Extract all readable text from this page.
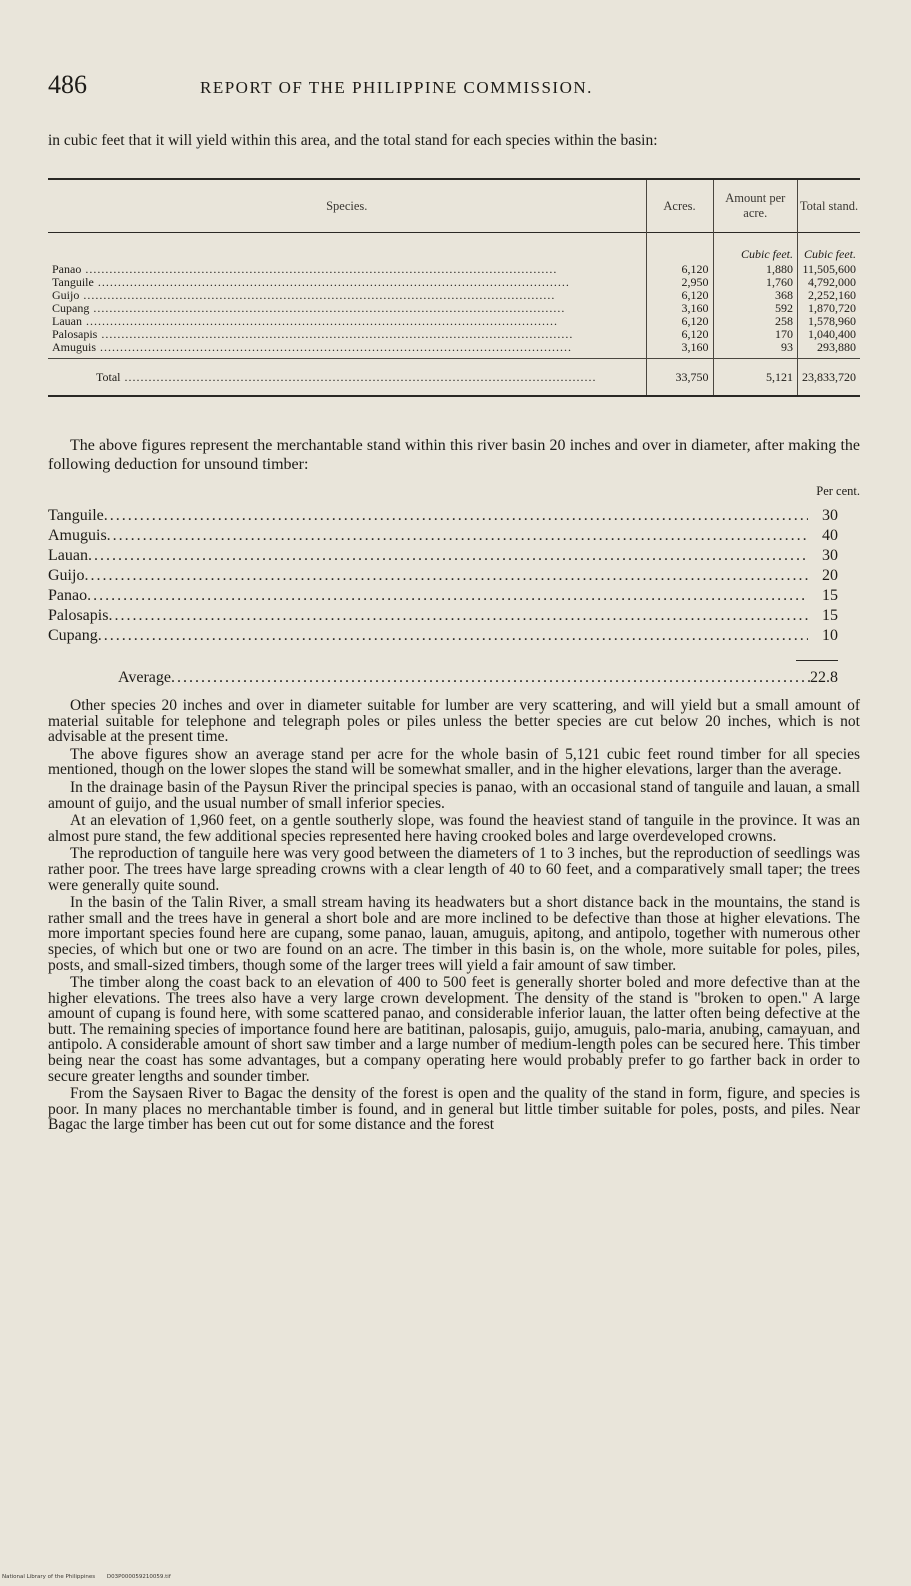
486	REPORT OF THE PHILIPPINE COMMISSION.
in cubic feet that it will yield within this area, and the total stand for each species within the basin:
Species.	Acres.	Amount per acre.	Total stand.
		Cubic feet.	Cubic feet.
Panao .....	6,120	1,880	11,505,600
Tanguile .....	2,950	1,760	4,792,000
Guijo .....	6,120	368	2,252,160
Cupang .....	3,160	592	1,870,720
Lauan .....	6,120	258	1,578,960
Palosapis .....	6,120	170	1,040,400
Amuguis .....	3,160	93	293,880
Total .....	33,750	5,121	23,833,720
The above figures represent the merchantable stand within this river basin 20 inches and over in diameter, after making the following deduction for unsound timber:
Per cent.
Tanguile .....	30
Amuguis .....	40
Lauan .....	30
Guijo .....	20
Panao .....	15
Palosapis .....	15
Cupang .....	10
Average .....	22.8

Other species 20 inches and over in diameter suitable for lumber are very scattering, and will yield but a small amount of material suitable for telephone and telegraph poles or piles unless the better species are cut below 20 inches, which is not advisable at the present time.

The above figures show an average stand per acre for the whole basin of 5,121 cubic feet round timber for all species mentioned, though on the lower slopes the stand will be somewhat smaller, and in the higher elevations, larger than the average.

In the drainage basin of the Paysun River the principal species is panao, with an occasional stand of tanguile and lauan, a small amount of guijo, and the usual number of small inferior species.

At an elevation of 1,960 feet, on a gentle southerly slope, was found the heaviest stand of tanguile in the province. It was an almost pure stand, the few additional species represented here having crooked boles and large overdeveloped crowns.

The reproduction of tanguile here was very good between the diameters of 1 to 3 inches, but the reproduction of seedlings was rather poor. The trees have large spreading crowns with a clear length of 40 to 60 feet, and a comparatively small taper; the trees were generally quite sound.

In the basin of the Talin River, a small stream having its headwaters but a short distance back in the mountains, the stand is rather small and the trees have in general a short bole and are more inclined to be defective than those at higher elevations. The more important species found here are cupang, some panao, lauan, amuguis, apitong, and antipolo, together with numerous other species, of which but one or two are found on an acre. The timber in this basin is, on the whole, more suitable for poles, piles, posts, and small-sized timbers, though some of the larger trees will yield a fair amount of saw timber.

The timber along the coast back to an elevation of 400 to 500 feet is generally shorter boled and more defective than at the higher elevations. The trees also have a very large crown development. The density of the stand is "broken to open." A large amount of cupang is found here, with some scattered panao, and considerable inferior lauan, the latter often being defective at the butt. The remaining species of importance found here are batitinan, palosapis, guijo, amuguis, palo-maria, anubing, camayuan, and antipolo. A considerable amount of short saw timber and a large number of medium-length poles can be secured here. This timber being near the coast has some advantages, but a company operating here would probably prefer to go farther back in order to secure greater lengths and sounder timber.

From the Saysaen River to Bagac the density of the forest is open and the quality of the stand in form, figure, and species is poor. In many places no merchantable timber is found, and in general but little timber suitable for poles, posts, and piles. Near Bagac the large timber has been cut out for some distance and the forest

National Library of the Philippines D03P000059210059.tif
